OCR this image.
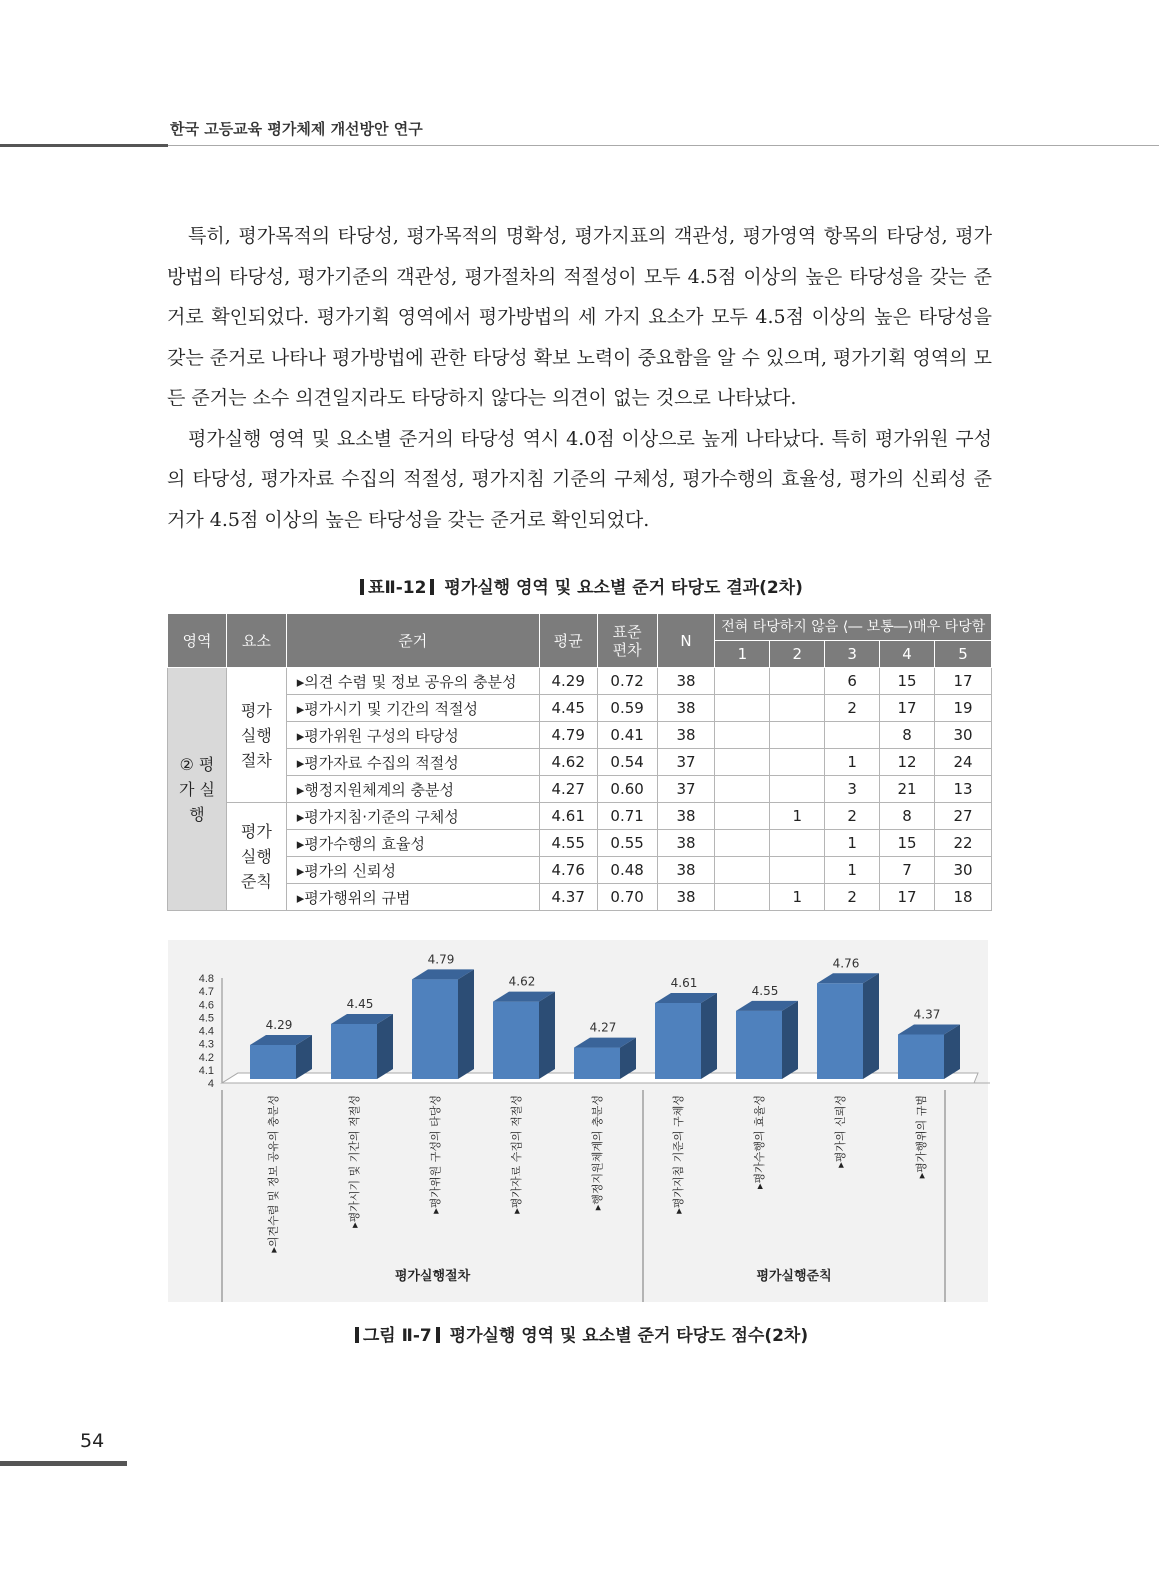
한국 고등교육 평가체제 개선방안 연구

특히, 평가목적의 타당성, 평가목적의 명확성, 평가지표의 객관성, 평가영역 항목의 타당성, 평가방법의 타당성, 평가기준의 객관성, 평가절차의 적절성이 모두 4.5점 이상의 높은 타당성을 갖는 준거로 확인되었다. 평가기획 영역에서 평가방법의 세 가지 요소가 모두 4.5점 이상의 높은 타당성을 갖는 준거로 나타나 평가방법에 관한 타당성 확보 노력이 중요함을 알 수 있으며, 평가기획 영역의 모든 준거는 소수 의견일지라도 타당하지 않다는 의견이 없는 것으로 나타났다.

평가실행 영역 및 요소별 준거의 타당성 역시 4.0점 이상으로 높게 나타났다. 특히 평가위원 구성의 타당성, 평가자료 수집의 적절성, 평가지침 기준의 구체성, 평가수행의 효율성, 평가의 신뢰성 준거가 4.5점 이상의 높은 타당성을 갖는 준거로 확인되었다.

표Ⅱ-12 평가실행 영역 및 요소별 준거 타당도 결과(2차)
영역	요소	준거	평균	표준 편차	N	전혀 타당하지 않음 ⟨― 보통―⟩매우 타당함				
						1	2	3	4	5
② 평가 실행	평가 실행 절차	▸의견 수렴 및 정보 공유의 충분성	4.29	0.72	38			6	15	17
		▸평가시기 및 기간의 적절성	4.45	0.59	38			2	17	19
		▸평가위원 구성의 타당성	4.79	0.41	38				8	30
		▸평가자료 수집의 적절성	4.62	0.54	37			1	12	24
		▸행정지원체계의 충분성	4.27	0.60	37			3	21	13
	평가 실행 준칙	▸평가지침·기준의 구체성	4.61	0.71	38		1	2	8	27
		▸평가수행의 효율성	4.55	0.55	38			1	15	22
		▸평가의 신뢰성	4.76	0.48	38			1	7	30
		▸평가행위의 규범	4.37	0.70	38		1	2	17	18
4.8
4.7
4.6
4.5
4.4
4.3
4.2
4.1
4
4.29
▸의견수렴 및 정보 공유의 충분성
4.45
▸평가시기 및 기간의 적절성
4.79
▸평가위원 구성의 타당성
4.62
▸평가자료 수집의 적절성
4.27
▸행정지원체계의 충분성
4.61
▸평가지침 기준의 구체성
4.55
▸평가수행의 효율성
4.76
▸평가의 신뢰성
4.37
▸평가행위의 규범
평가실행절차	평가실행준칙
그림 Ⅱ-7 평가실행 영역 및 요소별 준거 타당도 점수(2차)
54
